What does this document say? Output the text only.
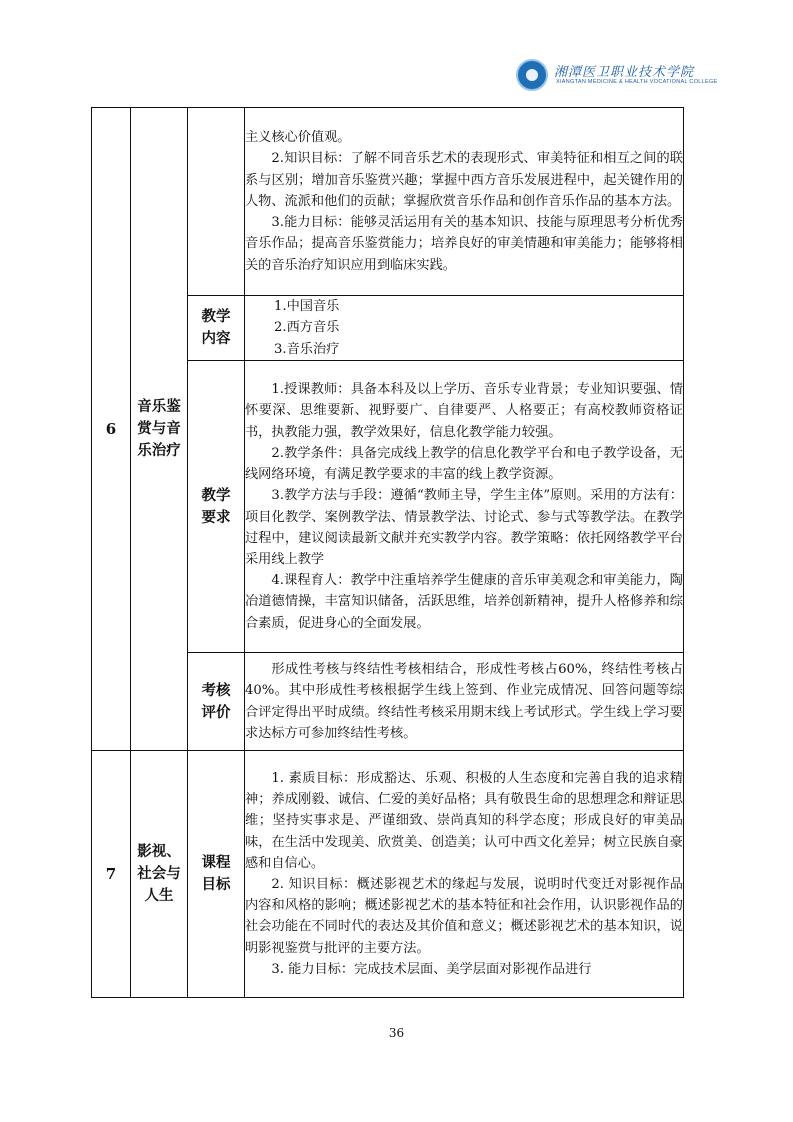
湘潭医卫职业技术学院
XIANGTAN MEDICINE & HEALTH VOCATIONAL COLLEGE
6	音乐鉴赏与音乐治疗		主义核心价值观。

2.知识目标：了解不同音乐艺术的表现形式、审美特征和相互之间的联系与区别；增加音乐鉴赏兴趣；掌握中西方音乐发展进程中，起关键作用的人物、流派和他们的贡献；掌握欣赏音乐作品和创作音乐作品的基本方法。

3.能力目标：能够灵活运用有关的基本知识、技能与原理思考分析优秀音乐作品；提高音乐鉴赏能力；培养良好的审美情趣和审美能力；能够将相关的音乐治疗知识应用到临床实践。

		教学内容	1.中国音乐

2.西方音乐

3.音乐治疗

		教学要求	1.授课教师：具备本科及以上学历、音乐专业背景；专业知识要强、情怀要深、思维要新、视野要广、自律要严、人格要正；有高校教师资格证书，执教能力强，教学效果好，信息化教学能力较强。

2.教学条件：具备完成线上教学的信息化教学平台和电子教学设备，无线网络环境，有满足教学要求的丰富的线上教学资源。

3.教学方法与手段：遵循“教师主导，学生主体”原则。采用的方法有：项目化教学、案例教学法、情景教学法、讨论式、参与式等教学法。在教学过程中，建议阅读最新文献并充实教学内容。教学策略：依托网络教学平台采用线上教学

4.课程育人：教学中注重培养学生健康的音乐审美观念和审美能力，陶冶道德情操，丰富知识储备，活跃思维，培养创新精神，提升人格修养和综合素质，促进身心的全面发展。

		考核评价	形成性考核与终结性考核相结合，形成性考核占60%，终结性考核占40%。其中形成性考核根据学生线上签到、作业完成情况、回答问题等综合评定得出平时成绩。终结性考核采用期末线上考试形式。学生线上学习要求达标方可参加终结性考核。

7	影视、社会与人生	课程目标	1. 素质目标：形成豁达、乐观、积极的人生态度和完善自我的追求精神；养成刚毅、诚信、仁爱的美好品格；具有敬畏生命的思想理念和辩证思维；坚持实事求是、严谨细致、崇尚真知的科学态度；形成良好的审美品味，在生活中发现美、欣赏美、创造美；认可中西文化差异；树立民族自豪感和自信心。

2. 知识目标：概述影视艺术的缘起与发展，说明时代变迁对影视作品内容和风格的影响；概述影视艺术的基本特征和社会作用，认识影视作品的社会功能在不同时代的表达及其价值和意义；概述影视艺术的基本知识，说明影视鉴赏与批评的主要方法。

3. 能力目标：完成技术层面、美学层面对影视作品进行

36
